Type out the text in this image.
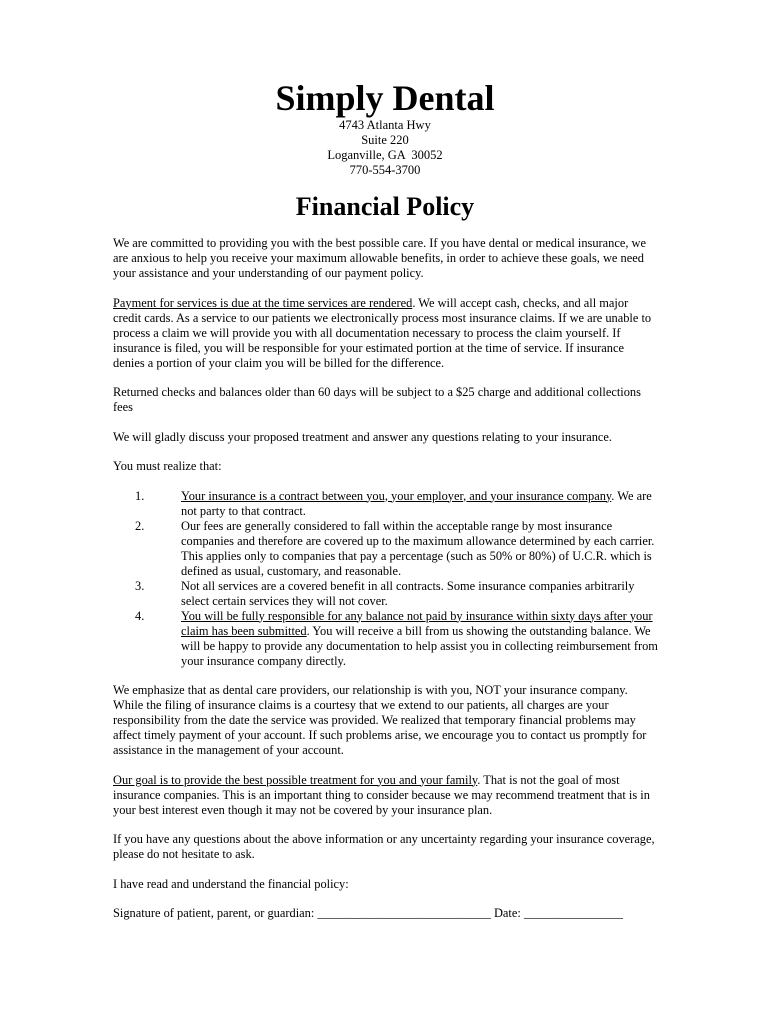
Simply Dental

4743 Atlanta Hwy

Suite 220

Loganville, GA  30052

770-554-3700

Financial Policy

We are committed to providing you with the best possible care. If you have dental or medical insurance, we are anxious to help you receive your maximum allowable benefits, in order to achieve these goals, we need your assistance and your understanding of our payment policy.

Payment for services is due at the time services are rendered. We will accept cash, checks, and all major credit cards. As a service to our patients we electronically process most insurance claims. If we are unable to process a claim we will provide you with all documentation necessary to process the claim yourself. If insurance is filed, you will be responsible for your estimated portion at the time of service. If insurance denies a portion of your claim you will be billed for the difference.

Returned checks and balances older than 60 days will be subject to a $25 charge and additional collections fees

We will gladly discuss your proposed treatment and answer any questions relating to your insurance.

You must realize that:

1.	Your insurance is a contract between you, your employer, and your insurance company. We are not party to that contract.
2.	Our fees are generally considered to fall within the acceptable range by most insurance companies and therefore are covered up to the maximum allowance determined by each carrier. This applies only to companies that pay a percentage (such as 50% or 80%) of U.C.R. which is defined as usual, customary, and reasonable.
3.	Not all services are a covered benefit in all contracts. Some insurance companies arbitrarily select certain services they will not cover.
4.	You will be fully responsible for any balance not paid by insurance within sixty days after your claim has been submitted. You will receive a bill from us showing the outstanding balance. We will be happy to provide any documentation to help assist you in collecting reimbursement from your insurance company directly.

We emphasize that as dental care providers, our relationship is with you, NOT your insurance company. While the filing of insurance claims is a courtesy that we extend to our patients, all charges are your responsibility from the date the service was provided. We realized that temporary financial problems may affect timely payment of your account. If such problems arise, we encourage you to contact us promptly for assistance in the management of your account.

Our goal is to provide the best possible treatment for you and your family. That is not the goal of most insurance companies. This is an important thing to consider because we may recommend treatment that is in your best interest even though it may not be covered by your insurance plan.

If you have any questions about the above information or any uncertainty regarding your insurance coverage, please do not hesitate to ask.

I have read and understand the financial policy:

Signature of patient, parent, or guardian: ____________________________ Date: ________________
